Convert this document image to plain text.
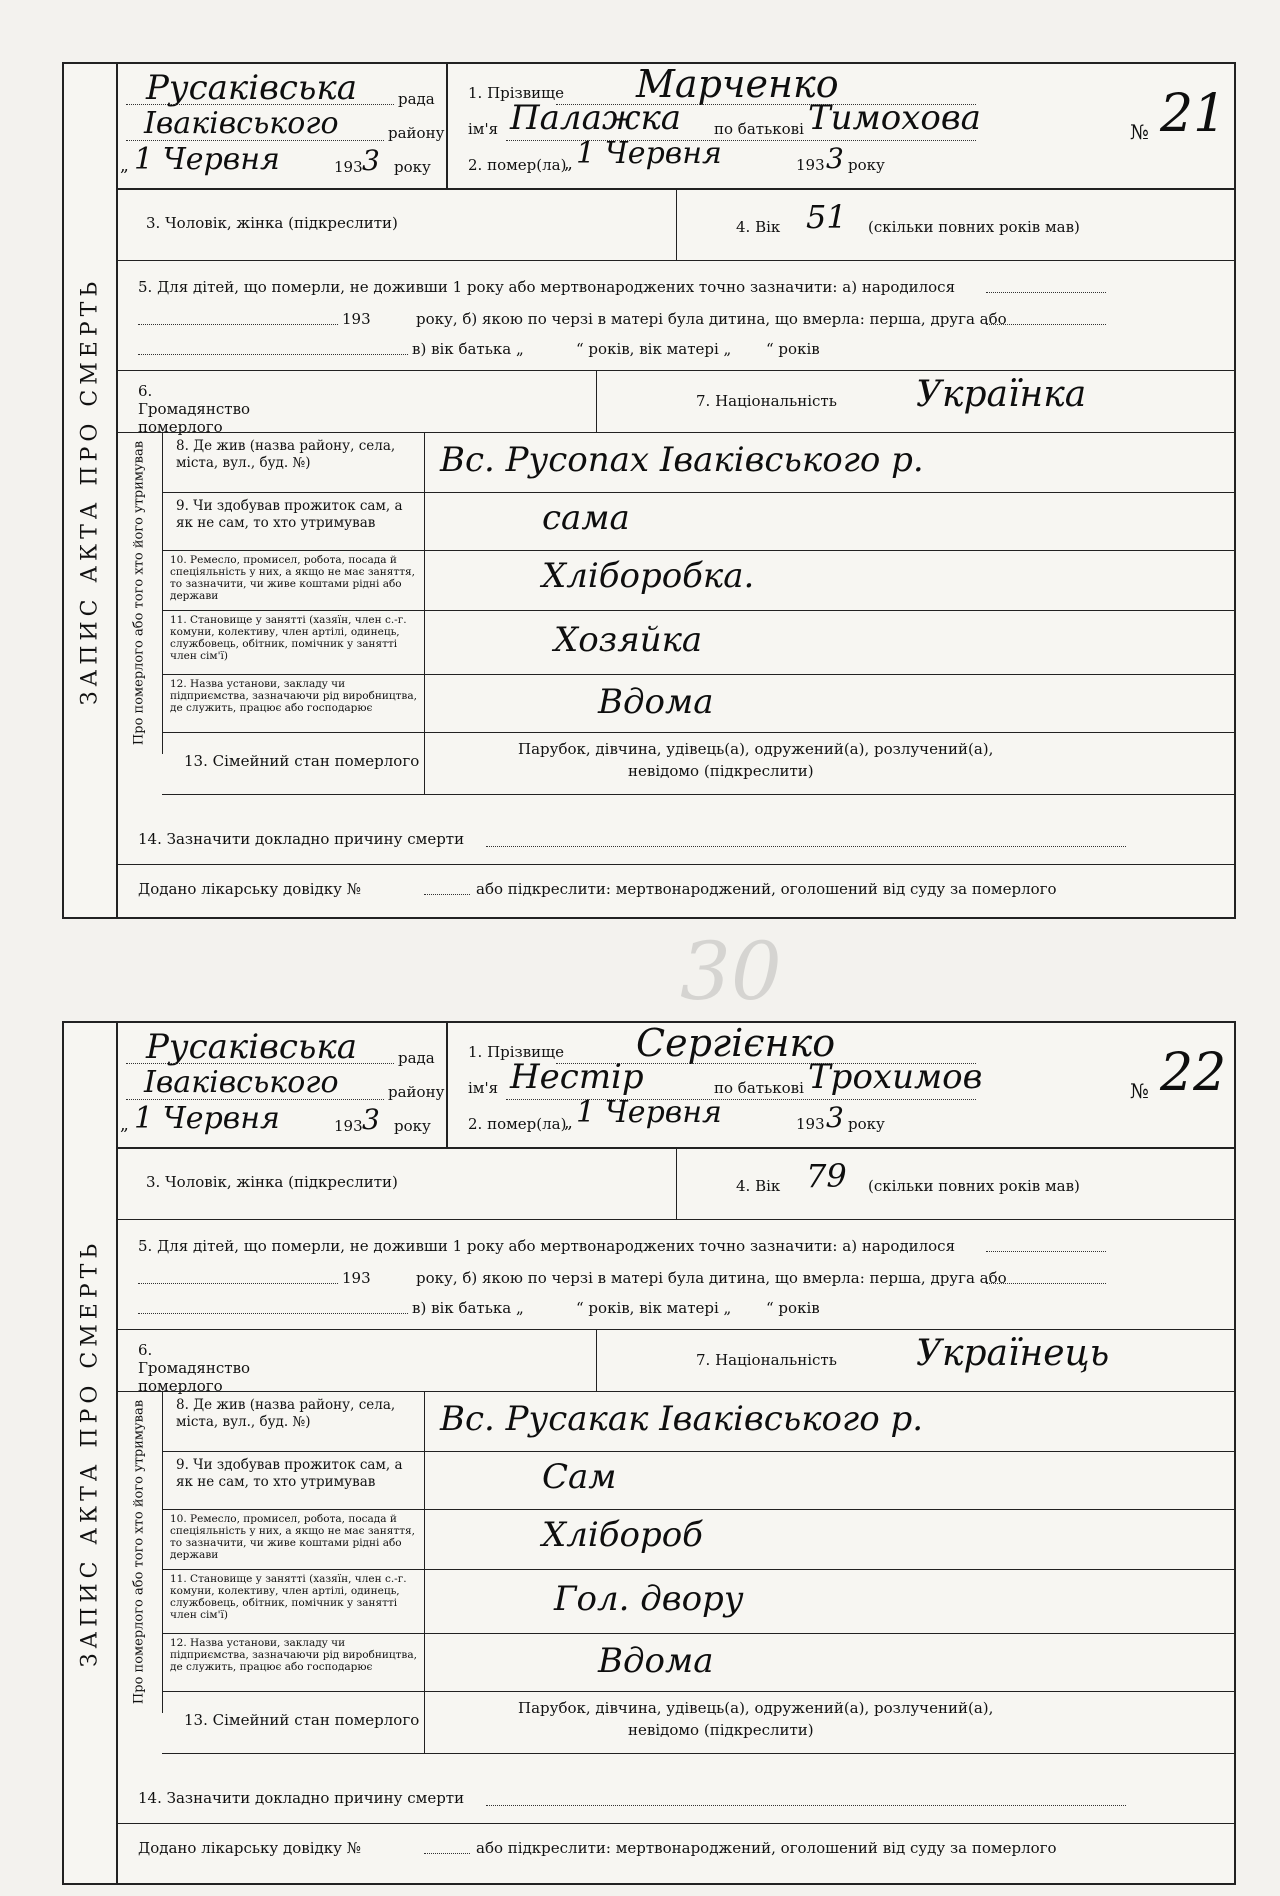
30
ЗАПИС АКТА ПРО СМЕРТЬ
Русаківська	рада
Іваківського	району
„ 1 Червня	193 3 року
1. Прізвище Марченко
ім'я Палажка по батькові Тимохова
2. помер(ла)
„ 1 Червня	193 3 року
№ 21
3. Чоловік, жінка (підкреслити)	4. Вік 51 (скільки повних років мав)
5. Для дітей, що померли, не доживши 1 року або мертвонароджених точно зазначити: а) народилося
193	року, б) якою по черзі в матері була дитина, що вмерла: перша, друга або
в) вік батька „	“ років, вік матері „ “ років
6. Громадянство померлого
7. Національність Українка
Про померлого або того хто його утримував 8. Де жив (назва району, села, міста, вул., буд. №)	Вс. Русопах Іваківського р.
9. Чи здобував прожиток сам, а як не сам, то хто утримував	сама
10. Ремесло, промисел, робота, посада й спеціяльність у них, а якщо не має заняття, то зазначити, чи живе коштами рідні або держави	Хліборобка.
11. Становище у занятті (хазяїн, член с.-г. комуни, колективу, член артілі, одинець, службовець, обітник, помічник у занятті член сім'ї)	Хозяйка
12. Назва установи, закладу чи підприємства, зазначаючи рід виробництва, де служить, працює або господарює	Вдома
13. Сімейний стан померлого
Парубок, дівчина, удівець(а), одружений(а), розлучений(а),
невідомо (підкреслити)
14. Зазначити докладно причину смерти
Додано лікарську довідку №	або підкреслити: мертвонароджений, оголошений від суду за померлого
ЗАПИС АКТА ПРО СМЕРТЬ
Русаківська	рада
Іваківського	району
„ 1 Червня	193 3 року
1. Прізвище Сергієнко
ім'я Нестір	по батькові Трохимов
2. помер(ла)
„ 1 Червня	193 3 року
№ 22
3. Чоловік, жінка (підкреслити)	4. Вік 79 (скільки повних років мав)
5. Для дітей, що померли, не доживши 1 року або мертвонароджених точно зазначити: а) народилося
193	року, б) якою по черзі в матері була дитина, що вмерла: перша, друга або
в) вік батька „	“ років, вік матері „ “ років
6. Громадянство померлого
7. Національність Українець
Про померлого або того хто його утримував 8. Де жив (назва району, села, міста, вул., буд. №)	Вс. Русакак Іваківського р.
9. Чи здобував прожиток сам, а як не сам, то хто утримував	Сам
10. Ремесло, промисел, робота, посада й спеціяльність у них, а якщо не має заняття, то зазначити, чи живе коштами рідні або держави	Хлібороб
11. Становище у занятті (хазяїн, член с.-г. комуни, колективу, член артілі, одинець, службовець, обітник, помічник у занятті член сім'ї)	Гол. двору
12. Назва установи, закладу чи підприємства, зазначаючи рід виробництва, де служить, працює або господарює	Вдома
13. Сімейний стан померлого
Парубок, дівчина, удівець(а), одружений(а), розлучений(а),
невідомо (підкреслити)
14. Зазначити докладно причину смерти
Додано лікарську довідку №	або підкреслити: мертвонароджений, оголошений від суду за померлого
